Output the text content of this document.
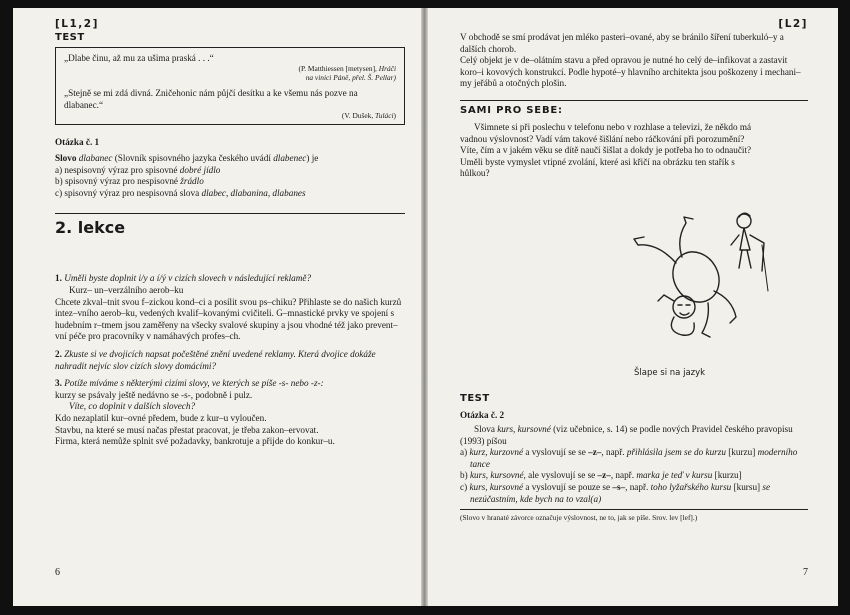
[L1,2]
TEST

„Dlabe činu, až mu za ušima praská . . .“

(P. Matthiessen [metysen], Hráči
na vinici Páně, přel. Š. Pellar)

„Stejně se mi zdá divná. Zničehonic nám půjčí desítku a ke všemu nás pozve na dlabanec.“

(V. Dušek, Tuláci)
Otázka č. 1

Slovo dlabanec (Slovník spisovného jazyka českého uvádí dlabenec) je

a) nespisovný výraz pro spisovné dobré jídlo

b) spisovný výraz pro nespisovné žrádlo

c) spisovný výraz pro nespisovná slova dlabec, dlabanina, dlabanes

2. lekce

1. Uměli byste doplnit i/y a í/ý v cizích slovech v následující reklamě?

Kurz– un–verzálního aerob–ku

Chcete zkval–tnit svou f–zickou kond–ci a posílit svou ps–chiku? Přihlaste se do našich kurzů intez–vního aerob–ku, vedených kvalif–kovanými cvičiteli. G–mnastické prvky ve spojení s hudebním r–tmem jsou zaměřeny na všecky svalové skupiny a jsou vhodné též jako prevent–vní péče pro pracovníky v namáhavých profes–ch.

2. Zkuste si ve dvojicích napsat počeštěné znění uvedené reklamy. Která dvojice dokáže nahradit nejvíc slov cizích slovy domácími?

3. Potíže míváme s některými cizími slovy, ve kterých se píše -s- nebo -z-:

kurzy se psávaly ještě nedávno se -s-, podobně i pulz.

Víte, co doplnit v dalších slovech?

Kdo nezaplatil kur–ovné předem, bude z kur–u vyloučen.

Stavbu, na které se musí načas přestat pracovat, je třeba zakon–ervovat.

Firma, která nemůže splnit své požadavky, bankrotuje a přijde do konkur–u.

6
[L2]

V obchodě se smí prodávat jen mléko pasteri–ované, aby se bránilo šíření tuberkuló–y a dalších chorob.

Celý objekt je v de–olátním stavu a před opravou je nutné ho celý de–infikovat a zastavit koro–i kovových konstrukcí. Podle hypoté–y hlavního architekta jsou poškozeny i mechani–my jeřábů a otočných plošin.

SAMI PRO SEBE:

Všimnete si při poslechu v telefonu nebo v rozhlase a televizi, že někdo má vadnou výslovnost? Vadí vám takové šišlání nebo ráčkování při porozumění? Víte, čím a v jakém věku se dítě naučí šišlat a dokdy je potřeba ho to odnaučit? Uměli byste vymyslet vtipné zvolání, které asi křičí na obrázku ten stařík s hůlkou?

Šlape si na jazyk
TEST
Otázka č. 2

Slova kurs, kursovné (viz učebnice, s. 14) se podle nových Pravidel českého pravopisu (1993) píšou

a) kurz, kurzovné a vyslovují se se –z–, např. přihlásila jsem se do kurzu [kurzu] moderního tance

b) kurs, kursovné, ale vyslovují se se –z–, např. marka je teď v kursu [kurzu]

c) kurs, kursovné a vyslovují se pouze se –s–, např. toho lyžařského kursu [kursu] se nezúčastním, kde bych na to vzal(a)

(Slovo v hranaté závorce označuje výslovnost, ne to, jak se píše. Srov. lev [lef].)
7
